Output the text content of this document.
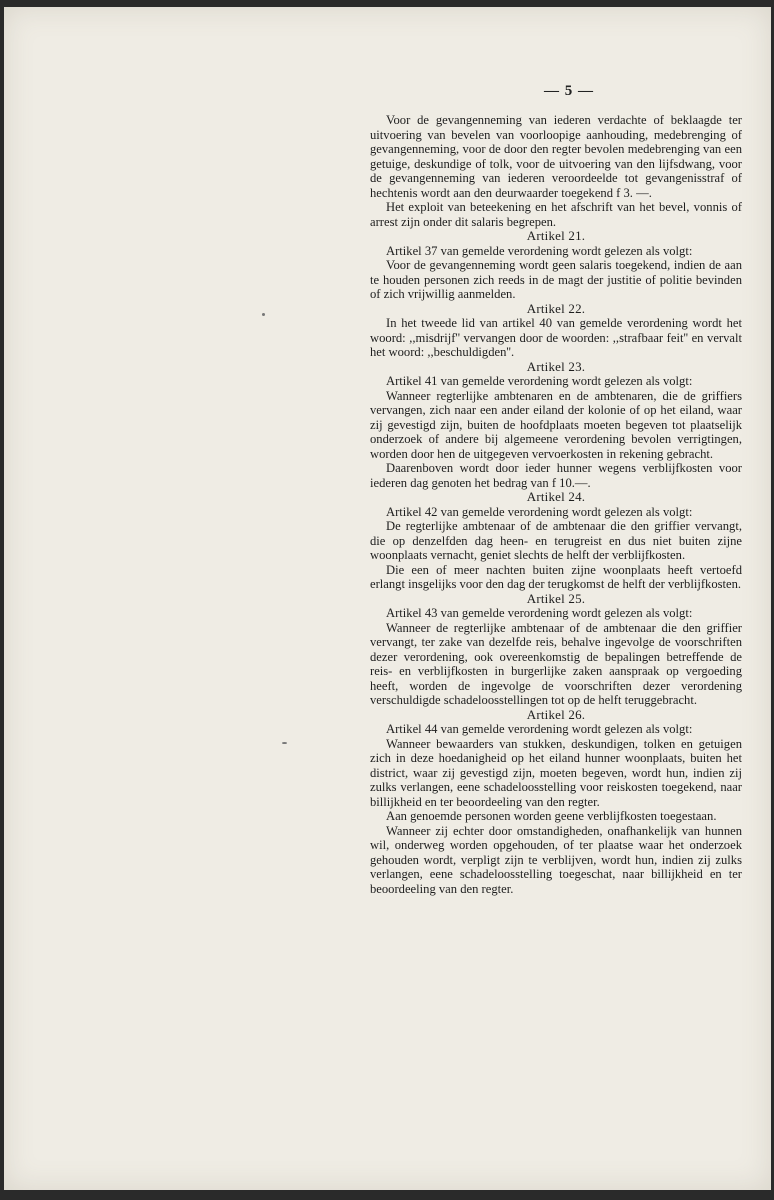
— 5 —

Voor de gevangenneming van iederen verdachte of beklaagde ter uitvoering van bevelen van voorloopige aanhouding, medebrenging of gevangenneming, voor de door den regter bevolen medebrenging van een getuige, deskundige of tolk, voor de uitvoering van den lijfsdwang, voor de gevangenneming van iederen veroordeelde tot gevangenisstraf of hechtenis wordt aan den deurwaarder toegekend f 3. —.

Het exploit van beteekening en het afschrift van het bevel, vonnis of arrest zijn onder dit salaris begrepen.

Artikel 21.

Artikel 37 van gemelde verordening wordt gelezen als volgt:

Voor de gevangenneming wordt geen salaris toegekend, indien de aan te houden personen zich reeds in de magt der justitie of politie bevinden of zich vrijwillig aanmelden.

Artikel 22.

In het tweede lid van artikel 40 van gemelde verordening wordt het woord: ,,misdrijf'' vervangen door de woorden: ,,strafbaar feit'' en vervalt het woord: ,,beschuldigden''.

Artikel 23.

Artikel 41 van gemelde verordening wordt gelezen als volgt:

Wanneer regterlijke ambtenaren en de ambtenaren, die de griffiers vervangen, zich naar een ander eiland der kolonie of op het eiland, waar zij gevestigd zijn, buiten de hoofdplaats moeten begeven tot plaatselijk onderzoek of andere bij algemeene verordening bevolen verrigtingen, worden door hen de uitgegeven vervoerkosten in rekening gebracht.

Daarenboven wordt door ieder hunner wegens verblijfkosten voor iederen dag genoten het bedrag van f 10.—.

Artikel 24.

Artikel 42 van gemelde verordening wordt gelezen als volgt:

De regterlijke ambtenaar of de ambtenaar die den griffier vervangt, die op denzelfden dag heen- en terugreist en dus niet buiten zijne woonplaats vernacht, geniet slechts de helft der verblijfkosten.

Die een of meer nachten buiten zijne woonplaats heeft vertoefd erlangt insgelijks voor den dag der terugkomst de helft der verblijfkosten.

Artikel 25.

Artikel 43 van gemelde verordening wordt gelezen als volgt:

Wanneer de regterlijke ambtenaar of de ambtenaar die den griffier vervangt, ter zake van dezelfde reis, behalve ingevolge de voorschriften dezer verordening, ook overeenkomstig de bepalingen betreffende de reis- en verblijfkosten in burgerlijke zaken aanspraak op vergoeding heeft, worden de ingevolge de voorschriften dezer verordening verschuldigde schadeloosstellingen tot op de helft teruggebracht.

Artikel 26.

Artikel 44 van gemelde verordening wordt gelezen als volgt:

Wanneer bewaarders van stukken, deskundigen, tolken en getuigen zich in deze hoedanigheid op het eiland hunner woonplaats, buiten het district, waar zij gevestigd zijn, moeten begeven, wordt hun, indien zij zulks verlangen, eene schadeloosstelling voor reiskosten toegekend, naar billijkheid en ter beoordeeling van den regter.

Aan genoemde personen worden geene verblijfkosten toegestaan.

Wanneer zij echter door omstandigheden, onafhankelijk van hunnen wil, onderweg worden opgehouden, of ter plaatse waar het onderzoek gehouden wordt, verpligt zijn te verblijven, wordt hun, indien zij zulks verlangen, eene schadeloosstelling toegeschat, naar billijkheid en ter beoordeeling van den regter.
